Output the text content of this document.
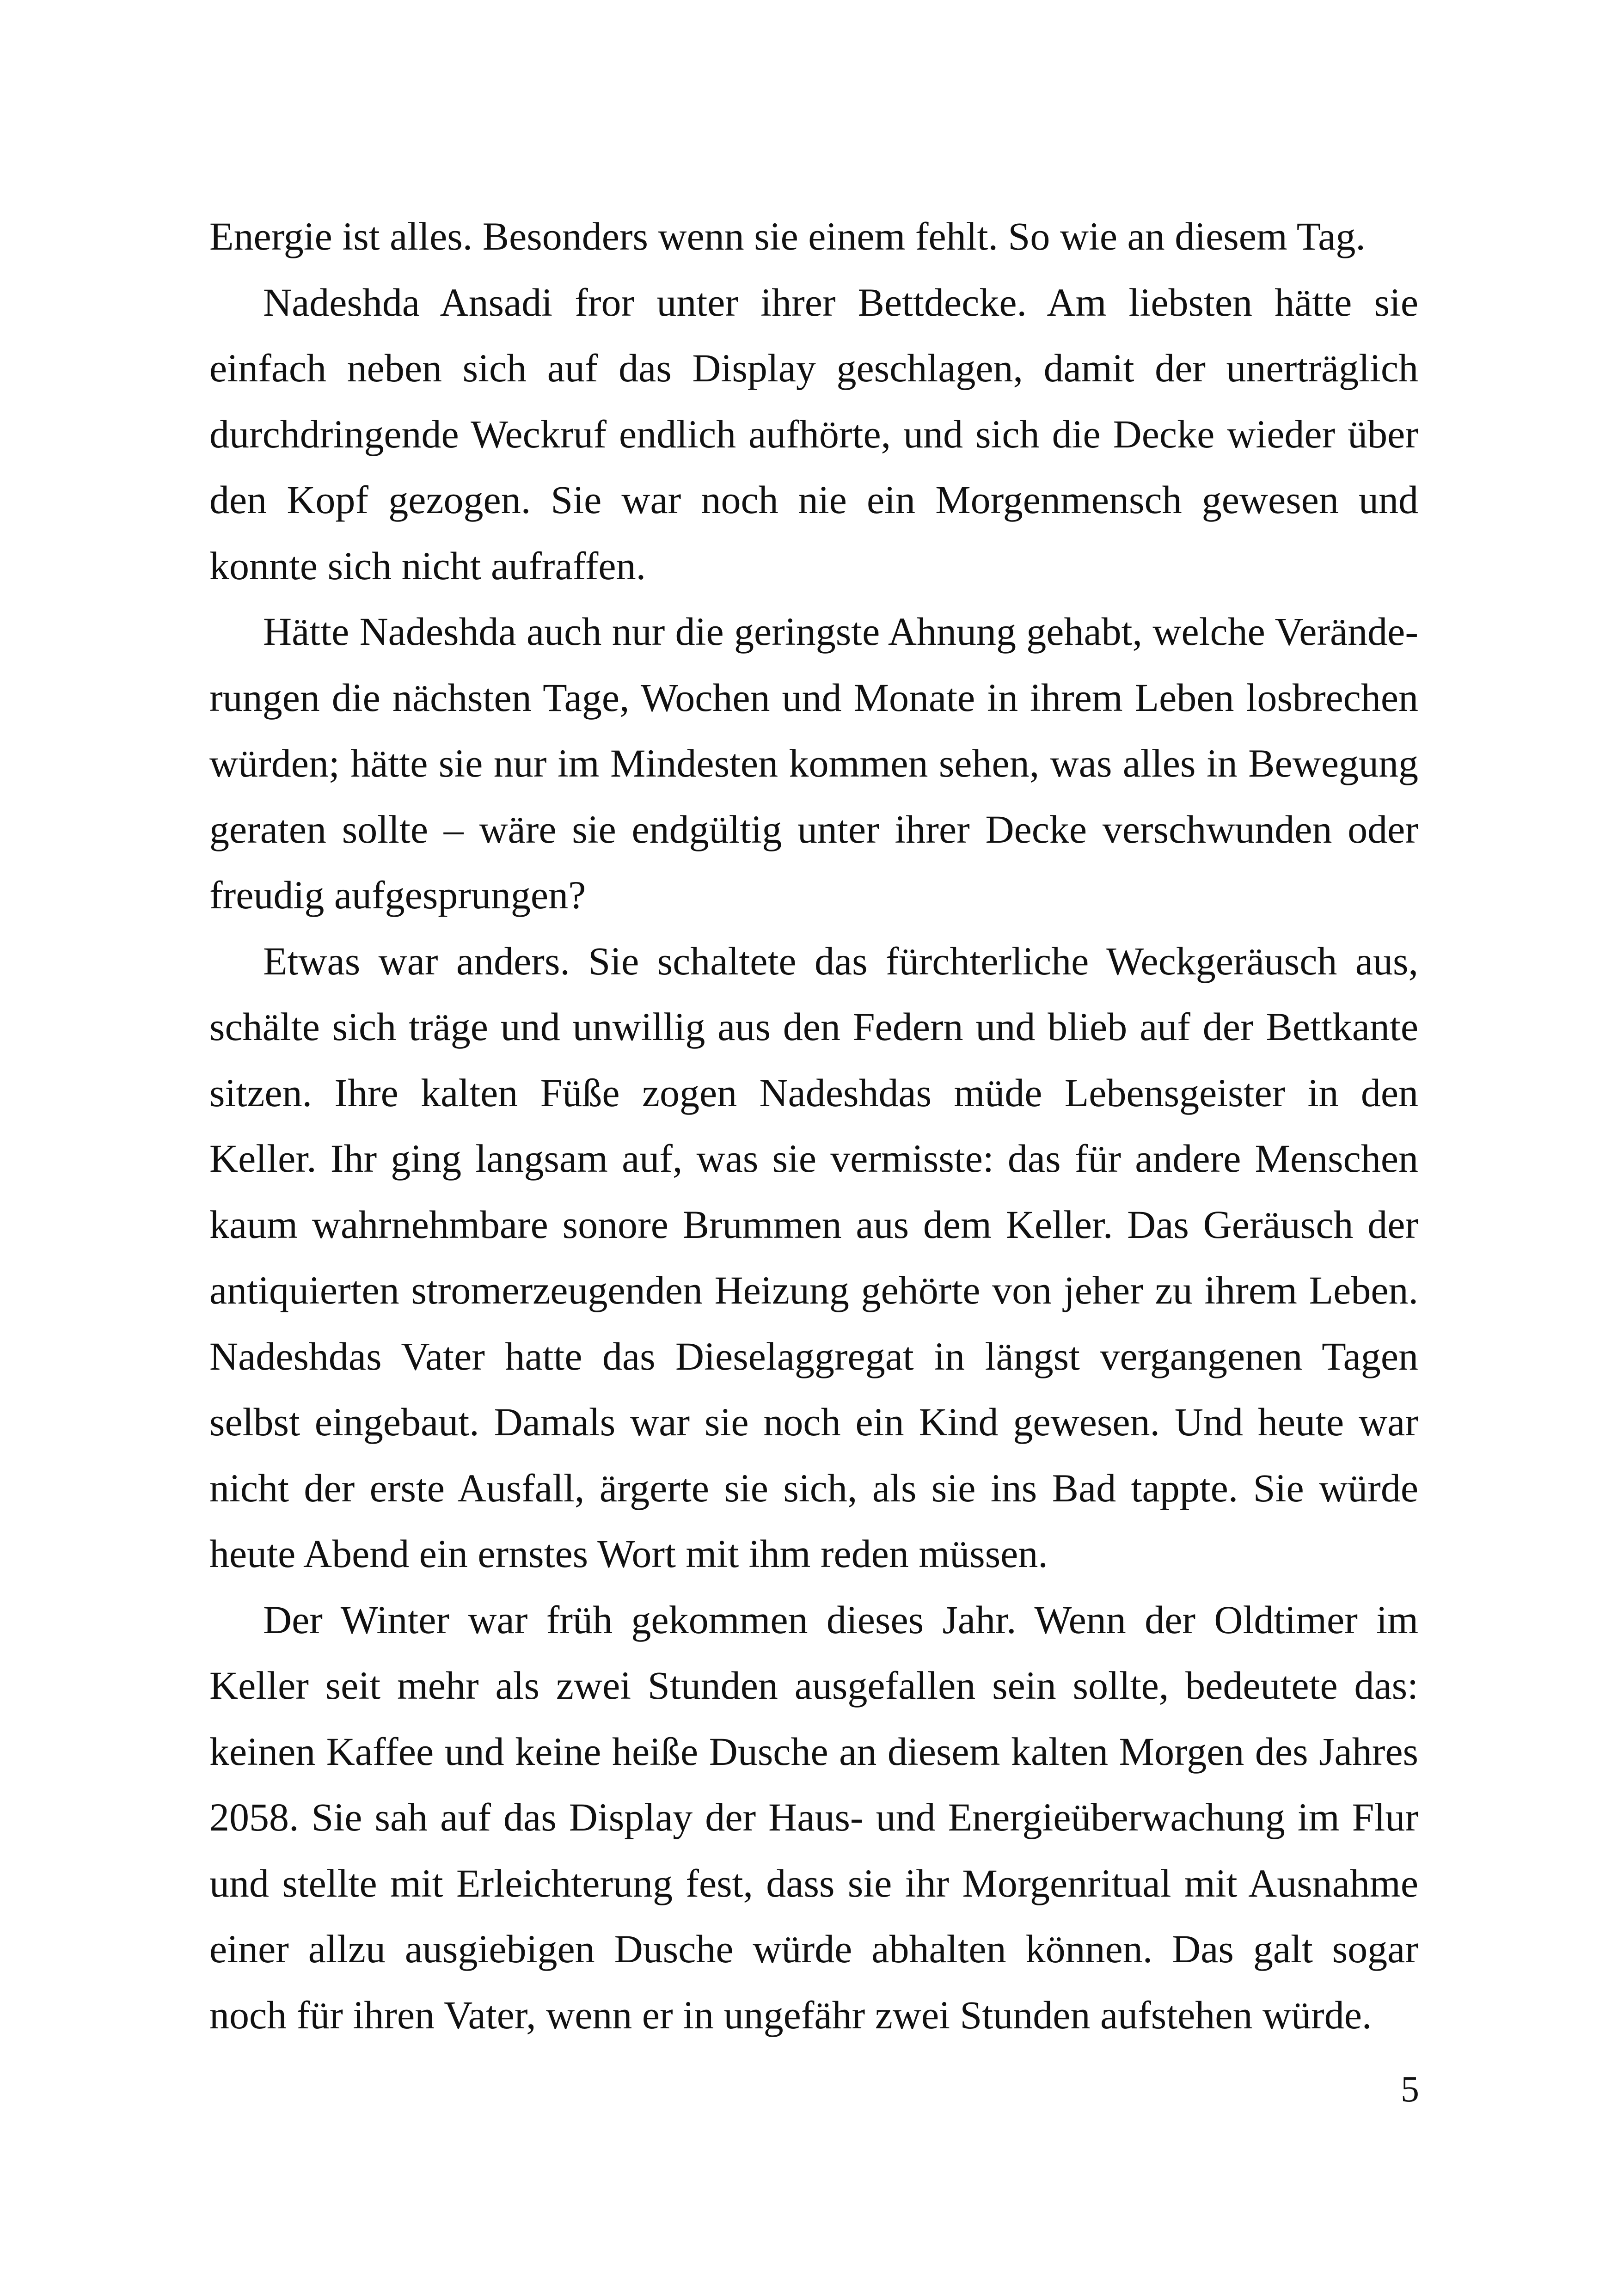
Energie ist alles. Besonders wenn sie einem fehlt. So wie an diesem Tag.

Nadeshda Ansadi fror unter ihrer Bettdecke. Am liebsten hätte sie einfach neben sich auf das Display geschlagen, damit der unerträglich durchdringende Weckruf endlich aufhörte, und sich die Decke wieder über den Kopf gezogen. Sie war noch nie ein Morgenmensch gewesen und konnte sich nicht aufraffen.

Hätte Nadeshda auch nur die geringste Ahnung gehabt, welche Veränderungen die nächsten Tage, Wochen und Monate in ihrem Leben losbrechen würden; hätte sie nur im Mindesten kommen sehen, was alles in Bewegung geraten sollte – wäre sie endgültig unter ihrer Decke verschwunden oder freudig aufgesprungen?

Etwas war anders. Sie schaltete das fürchterliche Weckgeräusch aus, schälte sich träge und unwillig aus den Federn und blieb auf der Bettkante sitzen. Ihre kalten Füße zogen Nadeshdas müde Lebensgeister in den Keller. Ihr ging langsam auf, was sie vermisste: das für andere Menschen kaum wahrnehmbare sonore Brummen aus dem Keller. Das Geräusch der antiquierten stromerzeugenden Heizung gehörte von jeher zu ihrem Leben. Nadeshdas Vater hatte das Dieselaggregat in längst vergangenen Tagen selbst eingebaut. Damals war sie noch ein Kind gewesen. Und heute war nicht der erste Ausfall, ärgerte sie sich, als sie ins Bad tappte. Sie würde heute Abend ein ernstes Wort mit ihm reden müssen.

Der Winter war früh gekommen dieses Jahr. Wenn der Oldtimer im Keller seit mehr als zwei Stunden ausgefallen sein sollte, bedeutete das: keinen Kaffee und keine heiße Dusche an diesem kalten Morgen des Jahres 2058. Sie sah auf das Display der Haus- und Energieüberwachung im Flur und stellte mit Erleichterung fest, dass sie ihr Morgenritual mit Ausnahme einer allzu ausgiebigen Dusche würde abhalten können. Das galt sogar noch für ihren Vater, wenn er in ungefähr zwei Stunden aufstehen würde.

5
